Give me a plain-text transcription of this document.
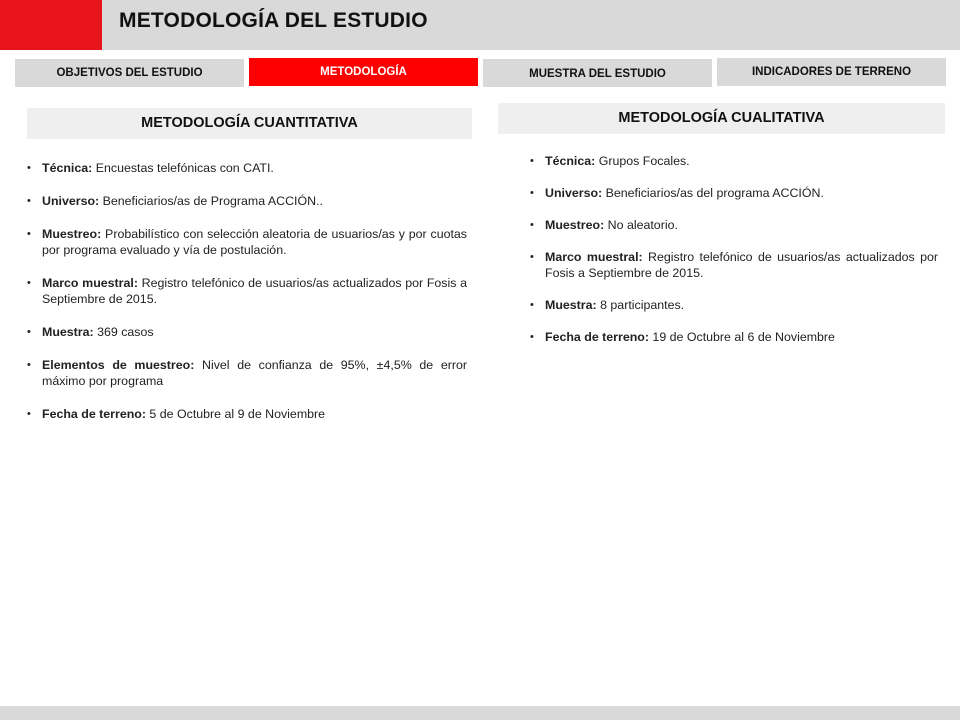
METODOLOGÍA DEL ESTUDIO
OBJETIVOS DEL ESTUDIO	METODOLOGÍA	MUESTRA DEL ESTUDIO	INDICADORES DE TERRENO
METODOLOGÍA CUANTITATIVA	METODOLOGÍA CUALITATIVA
• Técnica: Encuestas telefónicas con CATI.
• Universo: Beneficiarios/as de Programa ACCIÓN..
• Muestreo: Probabilístico con selección aleatoria de usuarios/as y por cuotas por programa evaluado y vía de postulación.
• Marco muestral: Registro telefónico de usuarios/as actualizados por Fosis a Septiembre de 2015.
• Muestra: 369 casos
• Elementos de muestreo: Nivel de confianza de 95%, ±4,5% de error máximo por programa
• Fecha de terreno: 5 de Octubre al 9 de Noviembre
• Técnica: Grupos Focales.
• Universo: Beneficiarios/as del programa ACCIÓN.
• Muestreo: No aleatorio.
• Marco muestral: Registro telefónico de usuarios/as actualizados por Fosis a Septiembre de 2015.
• Muestra: 8 participantes.
• Fecha de terreno: 19 de Octubre al 6 de Noviembre
